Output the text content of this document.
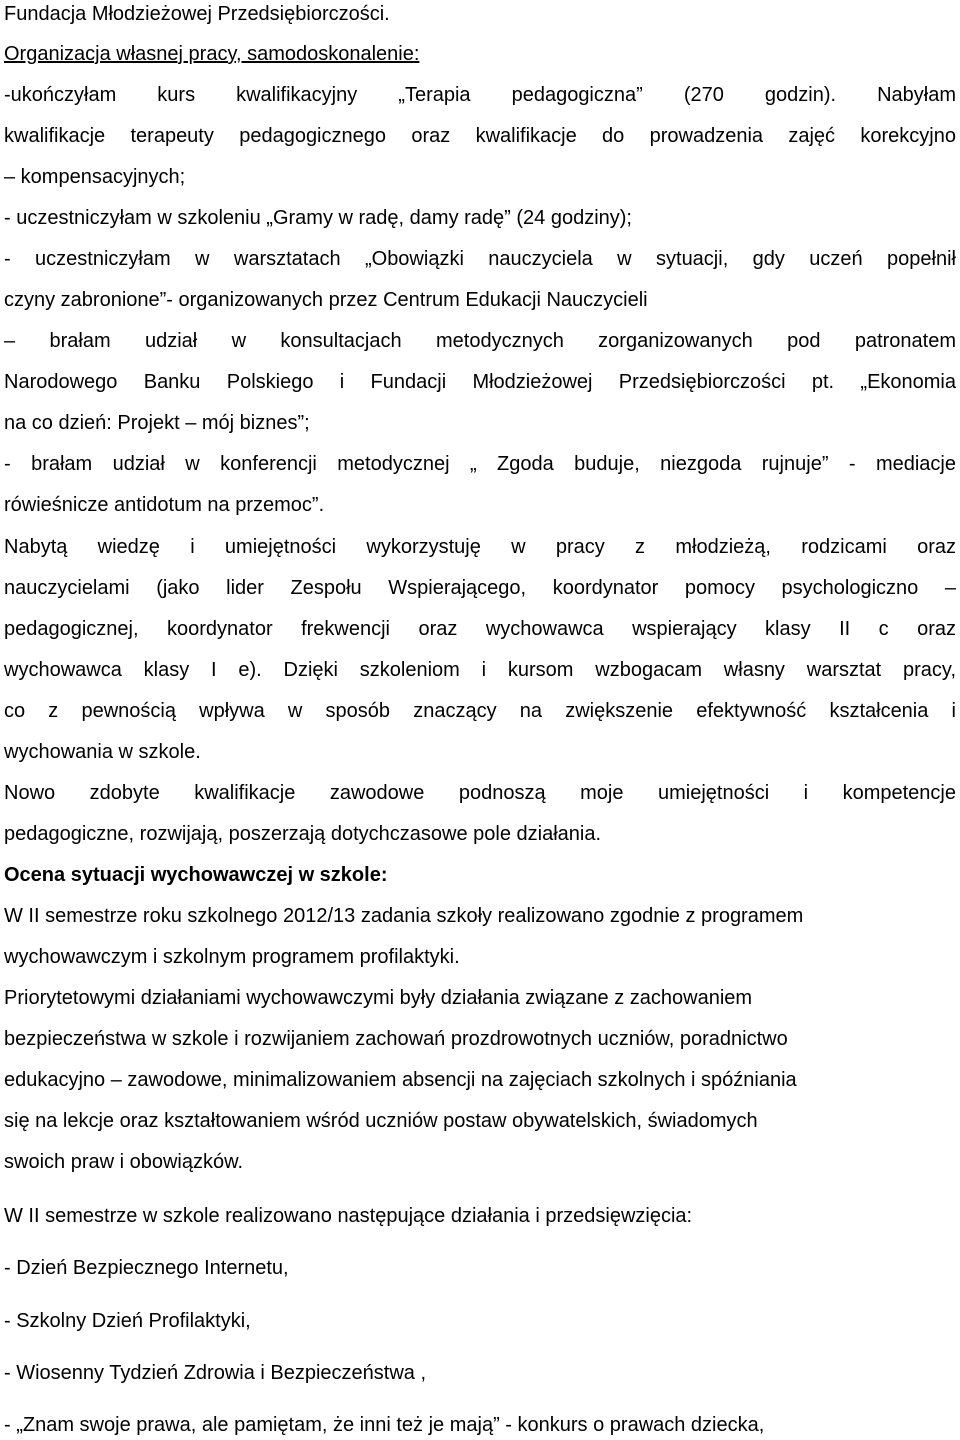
Fundacja Młodzieżowej Przedsiębiorczości.
Organizacja własnej pracy, samodoskonalenie:
-ukończyłam kurs kwalifikacyjny „Terapia pedagogiczna” (270 godzin). Nabyłam
kwalifikacje terapeuty pedagogicznego oraz kwalifikacje do prowadzenia zajęć korekcyjno
– kompensacyjnych;
- uczestniczyłam w szkoleniu „Gramy w radę, damy radę” (24 godziny);
- uczestniczyłam w warsztatach „Obowiązki nauczyciela w sytuacji, gdy uczeń popełnił
czyny zabronione”- organizowanych przez Centrum Edukacji Nauczycieli
– brałam udział w konsultacjach metodycznych zorganizowanych pod patronatem
Narodowego Banku Polskiego i Fundacji Młodzieżowej Przedsiębiorczości pt. „Ekonomia
na co dzień: Projekt – mój biznes”;
- brałam udział w konferencji metodycznej „ Zgoda buduje, niezgoda rujnuje” - mediacje
rówieśnicze antidotum na przemoc”.
Nabytą wiedzę i umiejętności wykorzystuję w pracy z młodzieżą, rodzicami oraz
nauczycielami (jako lider Zespołu Wspierającego, koordynator pomocy psychologiczno –
pedagogicznej, koordynator frekwencji oraz wychowawca wspierający klasy II c oraz
wychowawca klasy I e). Dzięki szkoleniom i kursom wzbogacam własny warsztat pracy,
co z pewnością wpływa w sposób znaczący na zwiększenie efektywność kształcenia i
wychowania w szkole.
Nowo zdobyte kwalifikacje zawodowe podnoszą moje umiejętności i kompetencje
pedagogiczne, rozwijają, poszerzają dotychczasowe pole działania.
Ocena sytuacji wychowawczej w szkole:
W II semestrze roku szkolnego 2012/13 zadania szkoły realizowano zgodnie z programem
wychowawczym i szkolnym programem profilaktyki.
Priorytetowymi działaniami wychowawczymi były działania związane z zachowaniem
bezpieczeństwa w szkole i rozwijaniem zachowań prozdrowotnych uczniów, poradnictwo
edukacyjno – zawodowe, minimalizowaniem absencji na zajęciach szkolnych i spóźniania
się na lekcje oraz kształtowaniem wśród uczniów postaw obywatelskich, świadomych
swoich praw i obowiązków.
W II semestrze w szkole realizowano następujące działania i przedsięwzięcia:
- Dzień Bezpiecznego Internetu,
- Szkolny Dzień Profilaktyki,
- Wiosenny Tydzień Zdrowia i Bezpieczeństwa ,
- „Znam swoje prawa, ale pamiętam, że inni też je mają” - konkurs o prawach dziecka,
